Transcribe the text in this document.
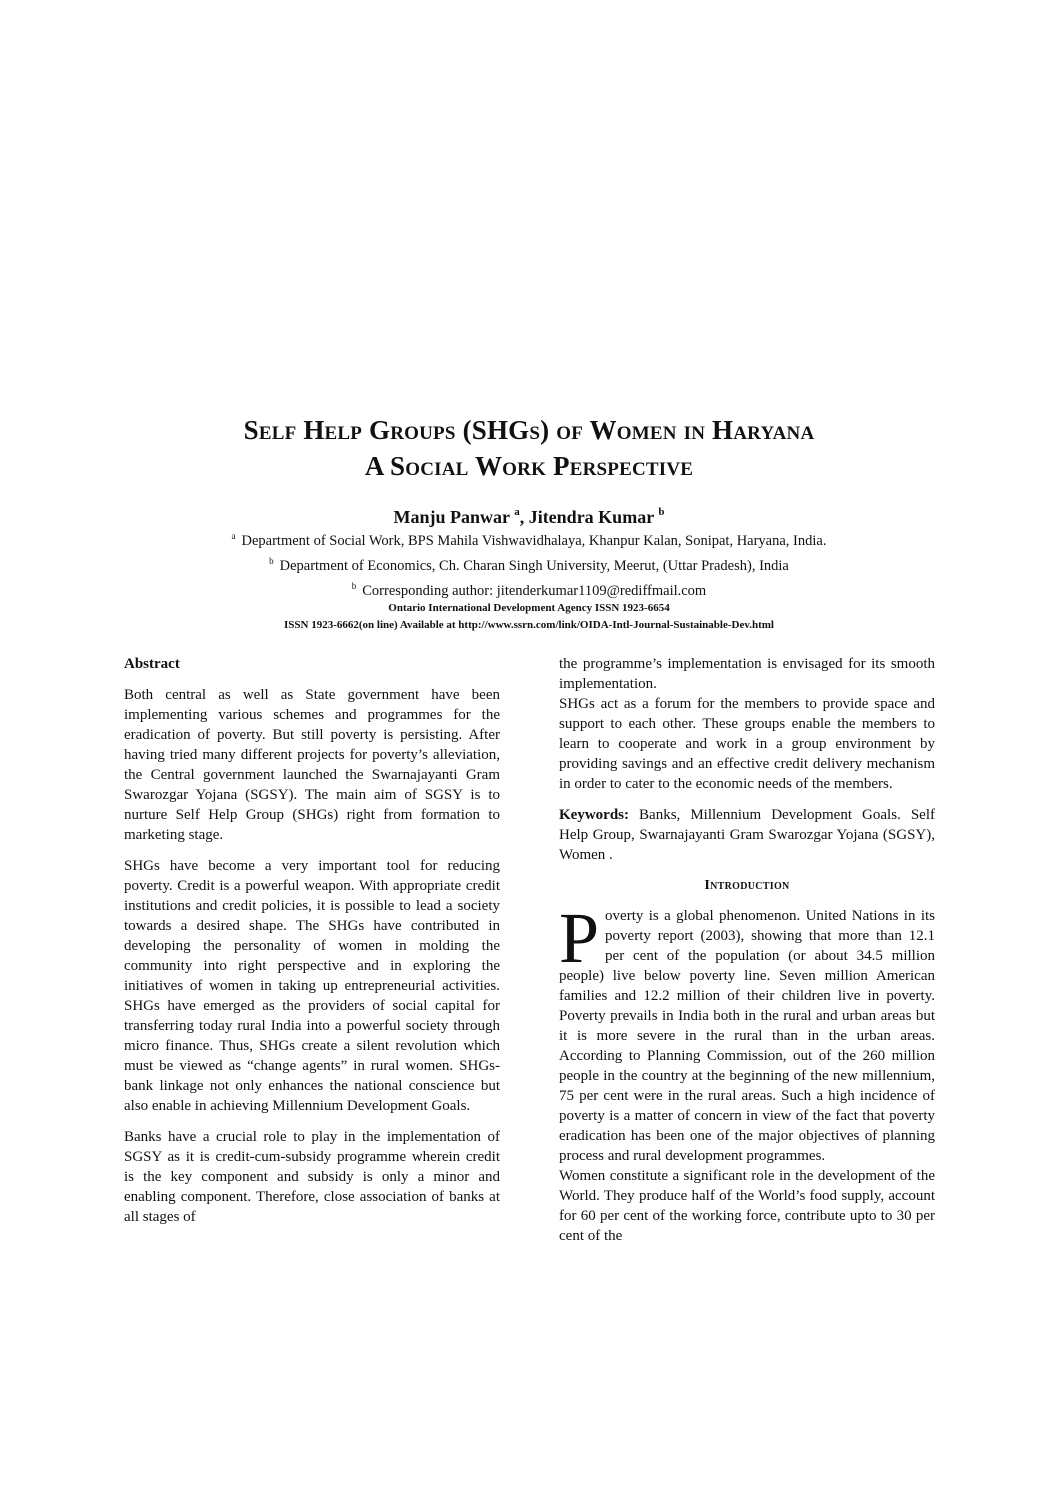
Self Help Groups (SHGs) of Women in Haryana
A Social Work Perspective
Manju Panwar $^a$, Jitendra Kumar $^b$
$^a$ Department of Social Work, BPS Mahila Vishwavidhalaya, Khanpur Kalan, Sonipat, Haryana, India.
$^b$ Department of Economics, Ch. Charan Singh University, Meerut, (Uttar Pradesh), India
$^b$ Corresponding author: jitenderkumar1109@rediffmail.com
Ontario International Development Agency ISSN 1923-6654
ISSN 1923-6662(on line) Available at http://www.ssrn.com/link/OIDA-Intl-Journal-Sustainable-Dev.html
Abstract

Both central as well as State government have been implementing various schemes and programmes for the eradication of poverty. But still poverty is persisting. After having tried many different projects for poverty’s alleviation, the Central government launched the Swarnajayanti Gram Swarozgar Yojana (SGSY). The main aim of SGSY is to nurture Self Help Group (SHGs) right from formation to marketing stage.

SHGs have become a very important tool for reducing poverty. Credit is a powerful weapon. With appropriate credit institutions and credit policies, it is possible to lead a society towards a desired shape. The SHGs have contributed in developing the personality of women in molding the community into right perspective and in exploring the initiatives of women in taking up entrepreneurial activities. SHGs have emerged as the providers of social capital for transferring today rural India into a powerful society through micro finance. Thus, SHGs create a silent revolution which must be viewed as “change agents” in rural women. SHGs-bank linkage not only enhances the national conscience but also enable in achieving Millennium Development Goals.

Banks have a crucial role to play in the implementation of SGSY as it is credit-cum-subsidy programme wherein credit is the key component and subsidy is only a minor and enabling component. Therefore, close association of banks at all stages of

the programme’s implementation is envisaged for its smooth implementation.

SHGs act as a forum for the members to provide space and support to each other. These groups enable the members to learn to cooperate and work in a group environment by providing savings and an effective credit delivery mechanism in order to cater to the economic needs of the members.

Keywords: Banks, Millennium Development Goals. Self Help Group, Swarnajayanti Gram Swarozgar Yojana (SGSY), Women .

Introduction

Poverty is a global phenomenon. United Nations in its poverty report (2003), showing that more than 12.1 per cent of the population (or about 34.5 million people) live below poverty line. Seven million American families and 12.2 million of their children live in poverty. Poverty prevails in India both in the rural and urban areas but it is more severe in the rural than in the urban areas. According to Planning Commission, out of the 260 million people in the country at the beginning of the new millennium, 75 per cent were in the rural areas. Such a high incidence of poverty is a matter of concern in view of the fact that poverty eradication has been one of the major objectives of planning process and rural development programmes.

Women constitute a significant role in the development of the World. They produce half of the World’s food supply, account for 60 per cent of the working force, contribute upto to 30 per cent of the
